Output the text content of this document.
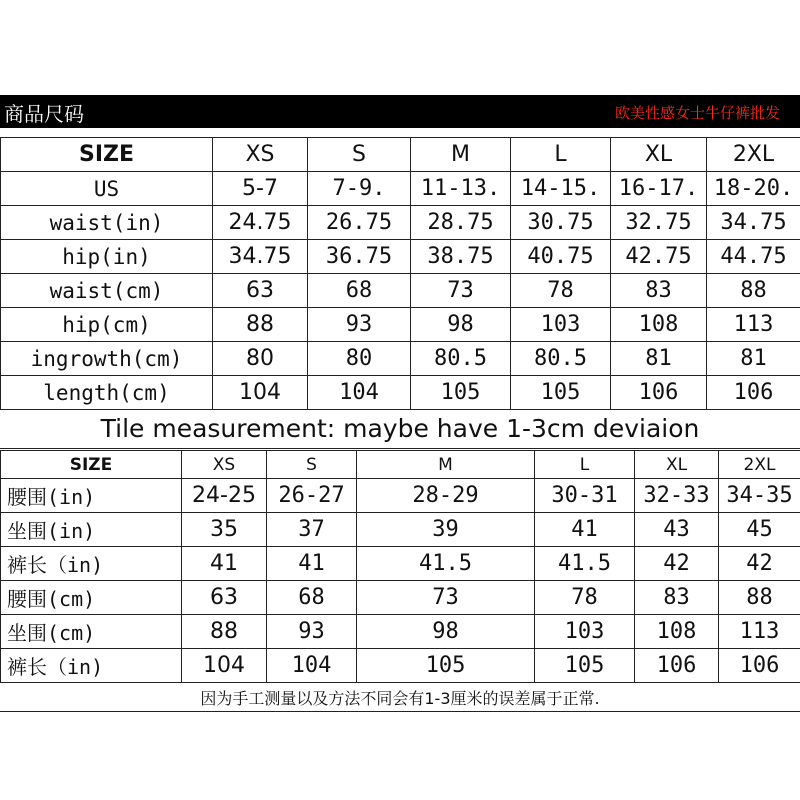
商品尺码	欧美性感女士牛仔裤批发
SIZE	XS	S	M	L	XL	2XL
US	5-7	7-9.	11-13.	14-15.	16-17.	18-20.
waist(in)	24.75	26.75	28.75	30.75	32.75	34.75
hip(in)	34.75	36.75	38.75	40.75	42.75	44.75
waist(cm)	63	68	73	78	83	88
hip(cm)	88	93	98	103	108	113
ingrowth(cm)	80	80	80.5	80.5	81	81
length(cm)	104	104	105	105	106	106
Tile measurement: maybe have 1-3cm deviaion
SIZE	XS	S	M	L	XL	2XL
腰围(in)	24-25	26-27	28-29	30-31	32-33	34-35
坐围(in)	35	37	39	41	43	45
裤长（in)	41	41	41.5	41.5	42	42
腰围(cm)	63	68	73	78	83	88
坐围(cm)	88	93	98	103	108	113
裤长（in)	104	104	105	105	106	106
因为手工测量以及方法不同会有1-3厘米的误差属于正常.
